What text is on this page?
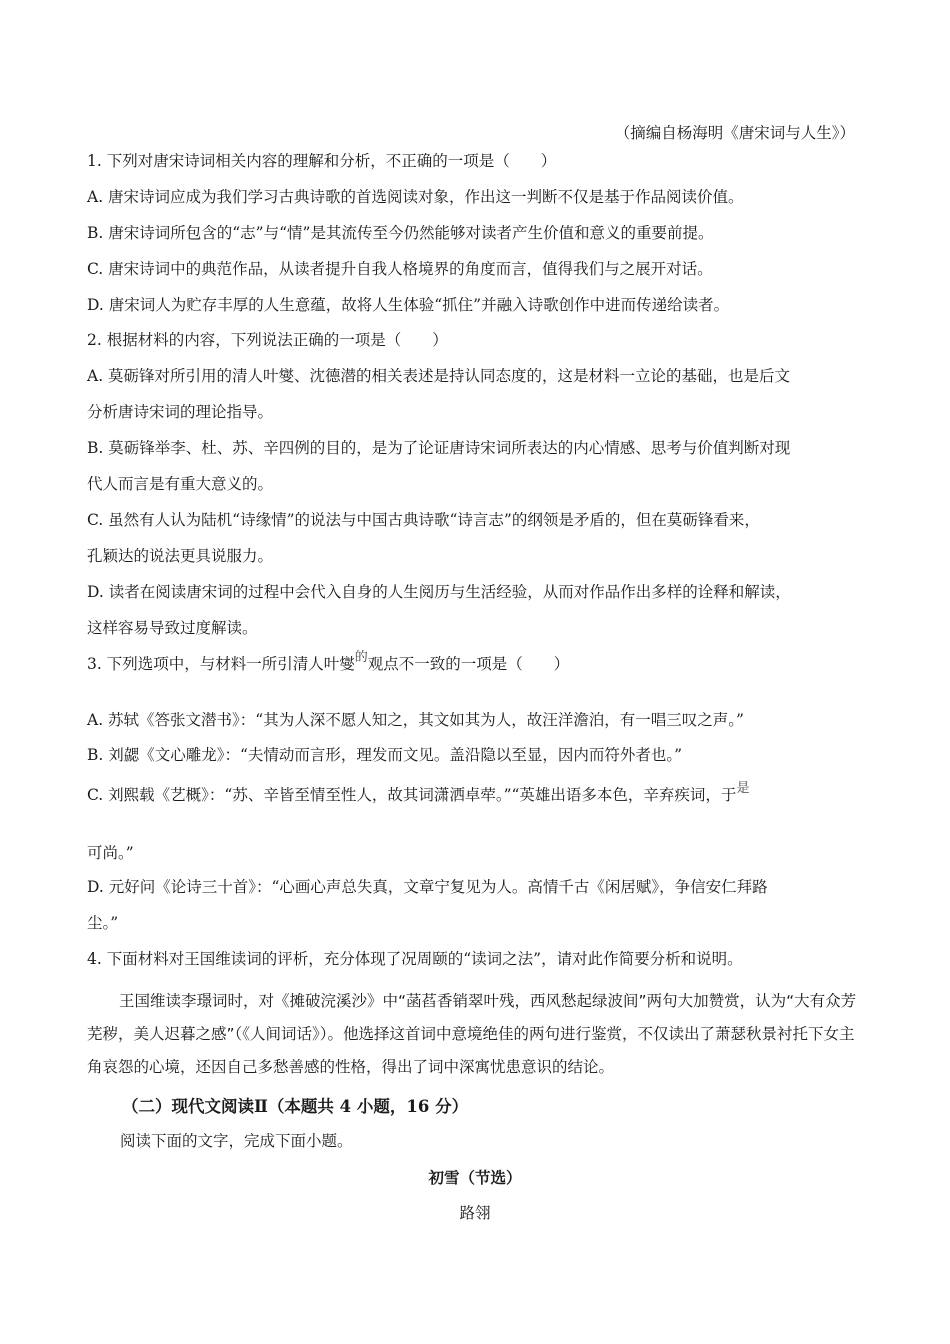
（摘编自杨海明《唐宋词与人生》）
1. 下列对唐宋诗词相关内容的理解和分析，不正确的一项是（　　）
A. 唐宋诗词应成为我们学习古典诗歌的首选阅读对象，作出这一判断不仅是基于作品阅读价值。
B. 唐宋诗词所包含的“志”与“情”是其流传至今仍然能够对读者产生价值和意义的重要前提。
C. 唐宋诗词中的典范作品，从读者提升自我人格境界的角度而言，值得我们与之展开对话。
D. 唐宋词人为贮存丰厚的人生意蕴，故将人生体验“抓住”并融入诗歌创作中进而传递给读者。
2. 根据材料的内容，下列说法正确的一项是（　　）
A. 莫砺锋对所引用的清人叶燮、沈德潜的相关表述是持认同态度的，这是材料一立论的基础，也是后文
分析唐诗宋词的理论指导。
B. 莫砺锋举李、杜、苏、辛四例的目的，是为了论证唐诗宋词所表达的内心情感、思考与价值判断对现
代人而言是有重大意义的。
C. 虽然有人认为陆机“诗缘情”的说法与中国古典诗歌“诗言志”的纲领是矛盾的，但在莫砺锋看来，
孔颖达的说法更具说服力。
D. 读者在阅读唐宋词的过程中会代入自身的人生阅历与生活经验，从而对作品作出多样的诠释和解读，
这样容易导致过度解读。
3. 下列选项中，与材料一所引清人叶燮$^的$观点不一致的一项是（　　）
A. 苏轼《答张文潜书》：“其为人深不愿人知之，其文如其为人，故汪洋澹泊，有一唱三叹之声。”
B. 刘勰《文心雕龙》：“夫情动而言形，理发而文见。盖沿隐以至显，因内而符外者也。”
C. 刘熙载《艺概》：“苏、辛皆至情至性人，故其词潇洒卓荦。”“英雄出语多本色，辛弃疾词，于$^是$
可尚。”
D. 元好问《论诗三十首》：“心画心声总失真，文章宁复见为人。高情千古《闲居赋》，争信安仁拜路
尘。”
4. 下面材料对王国维读词的评析，充分体现了况周颐的“读词之法”，请对此作简要分析和说明。
王国维读李璟词时，对《摊破浣溪沙》中“菡萏香销翠叶残，西风愁起绿波间”两句大加赞赏，认为“大有众芳芜秽，美人迟暮之感”（《人间词话》）。他选择这首词中意境绝佳的两句进行鉴赏，不仅读出了萧瑟秋景衬托下女主角哀怨的心境，还因自己多愁善感的性格，得出了词中深寓忧患意识的结论。
（二）现代文阅读Ⅱ（本题共 4 小题，16 分）
阅读下面的文字，完成下面小题。
初雪（节选）
路翎
